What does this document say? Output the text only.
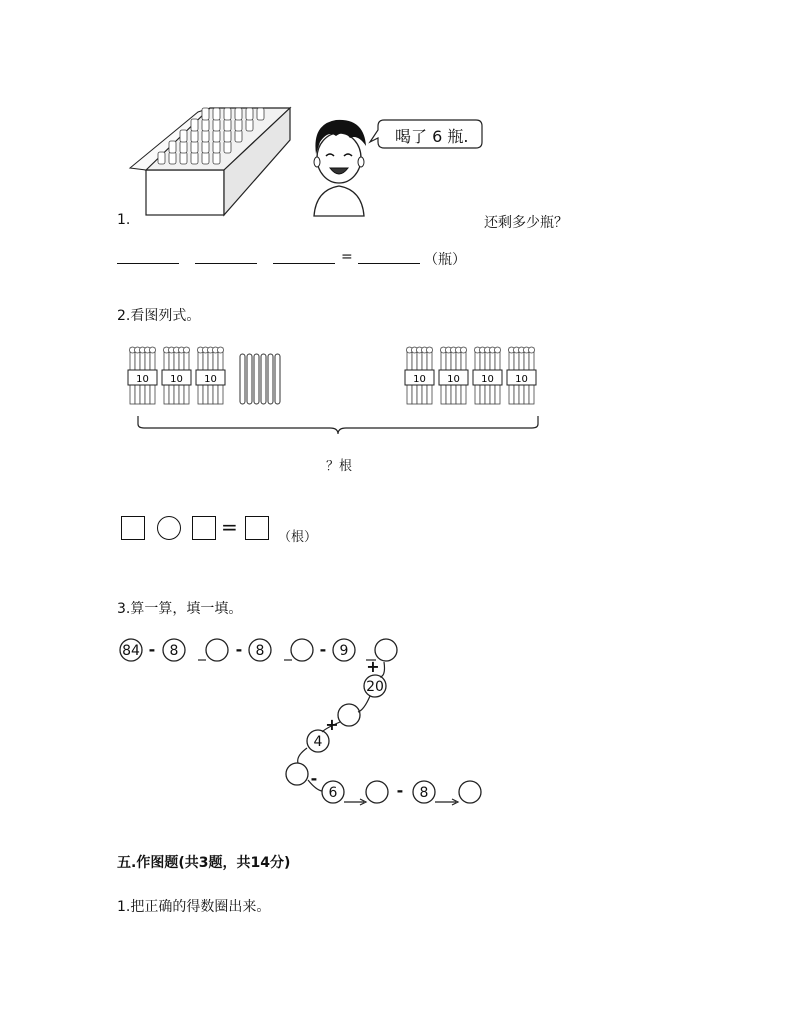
喝了 6 瓶.
1.	还剩多少瓶？
=	（瓶）
2.看图列式。
10 10 10	10 10 10 10
？根
=	（根）
3.算一算，填一填。
84 8	8	9
20
4
6	8
-	-	-
+
+
-
-
五.作图题(共3题，共14分)
1.把正确的得数圈出来。
